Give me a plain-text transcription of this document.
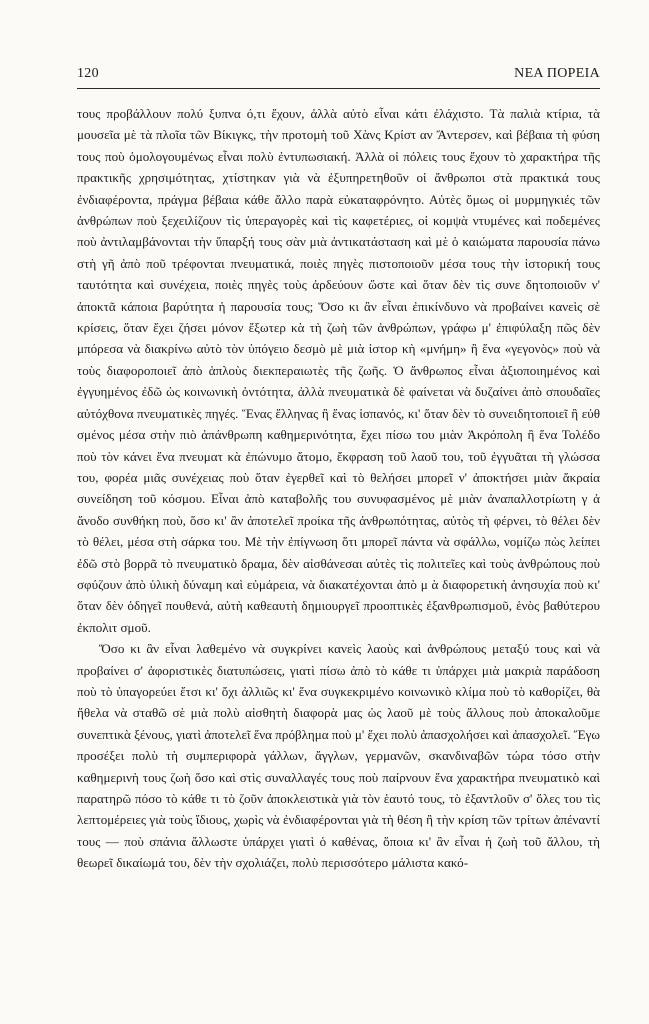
120	ΝΕΑ ΠΟΡΕΙΑ

τους προβάλλουν πολύ ξυπνα ό,τι ἔχουν, ἀλλὰ αὐτὸ εἶναι κάτι ἐλάχιστο. Τὰ παλιὰ κτίρια, τὰ μουσεῖα μὲ τὰ πλοῖα τῶν Βίκιγκς, τὴν προτομὴ τοῦ Χὰνς Κρίστ αν Ἄντερσεν, καὶ βέβαια τὴ φύση τους ποὺ ὁμολογουμένως εἶναι πολὺ ἐντυπωσιακή. Ἀλλὰ οἱ πόλεις τους ἔχουν τὸ χαρακτήρα τῆς πρακτικῆς χρησιμότητας, χτίστηκαν γιὰ νὰ ἐξυπηρετηθοῦν οἱ ἄνθρωποι στὰ πρακτικά τους ἐνδιαφέροντα, πράγμα βέβαια κάθε ἄλλο παρὰ εὐκαταφρόνητο. Αὐτὲς ὅμως οἱ μυρμηγκιές τῶν ἀνθρώπων ποὺ ξεχειλίζουν τὶς ὑπεραγορὲς καὶ τὶς καφετέριες, οἱ κομψὰ ντυμένες καὶ ποδεμένες ποὺ ἀντιλαμβάνονται τὴν ὕπαρξή τους σὰν μιὰ ἀντικατάσταση καὶ μὲ ὁ καιώματα παρουσία πάνω στὴ γῆ ἀπὸ ποῦ τρέφονται πνευματικά, ποιὲς πηγὲς πιστοποιοῦν μέσα τους τὴν ἱστορική τους ταυτότητα καὶ συνέχεια, ποιὲς πηγὲς τοὺς ἀρδεύουν ὥστε καὶ ὅταν δὲν τὶς συνε δητοποιοῦν ν' ἀποκτᾶ κάποια βαρύτητα ἡ παρουσία τους; Ὅσο κι ἂν εἶναι ἐπικίνδυνο νὰ προβαίνει κανεὶς σὲ κρίσεις, ὅταν ἔχει ζήσει μόνον ἔξωτερ κὰ τὴ ζωὴ τῶν ἀνθρώπων, γράφω μ' ἐπιφύλαξη πῶς δὲν μπόρεσα νὰ διακρίνω αὐτὸ τὸν ὑπόγειο δεσμὸ μὲ μιὰ ἱστορ κὴ «μνήμη» ἢ ἕνα «γεγονὸς» ποὺ νὰ τοὺς διαφοροποιεῖ ἀπὸ ἁπλοὺς διεκπεραιωτὲς τῆς ζωῆς. Ὁ ἄνθρωπος εἶναι ἀξιοποιημένος καὶ ἐγγυημένος ἐδῶ ὡς κοινωνικὴ ὀντότητα, ἀλλὰ πνευματικὰ δὲ φαίνεται νὰ δυζαίνει ἀπὸ σπουδαῖες αὐτόχθονα πνευματικὲς πηγές. Ἕνας ἕλληνας ἢ ἕνας ἱσπανός, κι' ὅταν δὲν τὸ συνειδητοποιεῖ ἢ εὐθ σμένος μέσα στὴν πιὸ ἀπάνθρωπη καθημερινότητα, ἔχει πίσω του μιὰν Ἀκρόπολη ἢ ἕνα Τολέδο ποὺ τὸν κάνει ἕνα πνευματ κὰ ἐπώνυμο ἄτομο, ἔκφραση τοῦ λαοῦ του, τοῦ ἐγγυᾶται τὴ γλώσσα του, φορέα μιᾶς συνέχειας ποὺ ὅταν ἐγερθεῖ καὶ τὸ θελήσει μπορεῖ ν' ἀποκτήσει μιὰν ἄκραία συνείδηση τοῦ κόσμου. Εἶναι ἀπὸ καταβολῆς του συνυφασμένος μὲ μιὰν ἀναπαλλοτρίωτη γ ἀ ἄνοδο συνθήκη ποὺ, ὅσο κι' ἂν ἀποτελεῖ προίκα τῆς ἀνθρωπότητας, αὐτὸς τὴ φέρνει, τὸ θέλει δὲν τὸ θέλει, μέσα στὴ σάρκα του. Μὲ τὴν ἐπίγνωση ὅτι μπορεῖ πάντα νὰ σφάλλω, νομίζω πὼς λείπει ἐδῶ στὸ βορρᾶ τὸ πνευματικὸ δραμα, δὲν αἰσθάνεσαι αὐτὲς τὶς πολιτεῖες καὶ τοὺς ἀνθρώπους ποὺ σφύζουν ἀπὸ ὑλικὴ δύναμη καὶ εὐμάρεια, νὰ διακατέχονται ἀπὸ μ ὰ διαφορετικὴ ἀνησυχία ποὺ κι' ὅταν δὲν ὁδηγεῖ πουθενά, αὐτὴ καθεαυτὴ δημιουργεῖ προοπτικὲς ἐξανθρωπισμοῦ, ἑνὸς βαθύτερου ἐκπολιτ σμοῦ.

Ὅσο κι ἂν εἶναι λαθεμένο νὰ συγκρίνει κανεὶς λαοὺς καὶ ἀνθρώπους μεταξύ τους καὶ νὰ προβαίνει σ' ἀφοριστικὲς διατυπώσεις, γιατὶ πίσω ἀπὸ τὸ κάθε τι ὑπάρχει μιὰ μακριὰ παράδοση ποὺ τὸ ὑπαγορεύει ἔτσι κι' ὄχι ἀλλιῶς κι' ἕνα συγκεκριμένο κοινωνικὸ κλίμα ποὺ τὸ καθορίζει, θὰ ἤθελα νὰ σταθῶ σὲ μιὰ πολὺ αἰσθητὴ διαφορὰ μας ὡς λαοῦ μὲ τοὺς ἄλλους ποὺ ἀποκαλοῦμε συνεπτικὰ ξένους, γιατὶ ἀποτελεῖ ἕνα πρόβλημα ποὺ μ' ἔχει πολὺ ἀπασχολήσει καὶ ἀπασχολεῖ. Ἔγω προσέξει πολὺ τὴ συμπεριφορὰ γάλλων, ἄγγλων, γερμανῶν, σκανδιναβῶν τώρα τόσο στὴν καθημερινὴ τους ζωὴ ὅσο καὶ στὶς συναλλαγές τους ποὺ παίρνουν ἕνα χαρακτήρα πνευματικὸ καὶ παρατηρῶ πόσο τὸ κάθε τι τὸ ζοῦν ἀποκλειστικὰ γιὰ τὸν ἑαυτό τους, τὸ ἐξαντλοῦν σ' ὅλες του τὶς λεπτομέρειες γιὰ τοὺς ἴδιους, χωρὶς νὰ ἐνδιαφέρονται γιὰ τὴ θέση ἢ τὴν κρίση τῶν τρίτων ἀπέναντί τους — ποὺ σπάνια ἄλλωστε ὑπάρχει γιατὶ ὁ καθένας, ὅποια κι' ἂν εἶναι ἡ ζωὴ τοῦ ἄλλου, τὴ θεωρεῖ δικαίωμά του, δὲν τὴν σχολιάζει, πολὺ περισσότερο μάλιστα κακό-
